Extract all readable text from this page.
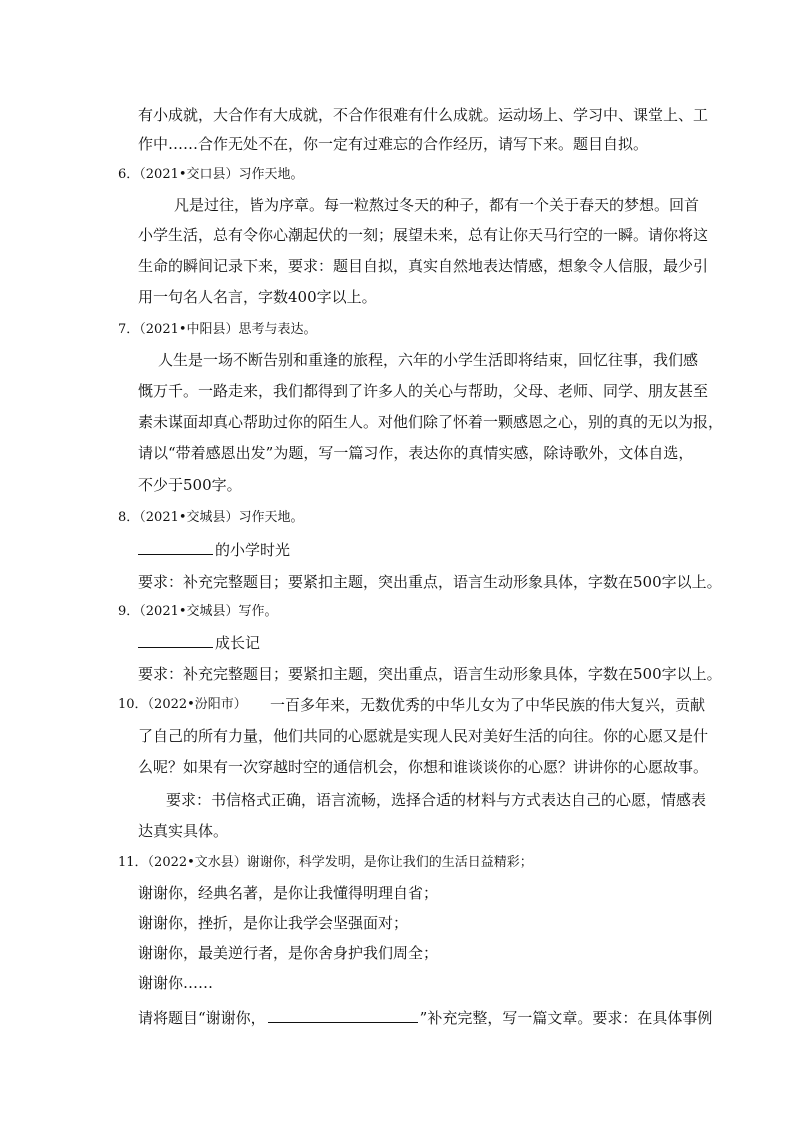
有小成就，大合作有大成就，不合作很难有什么成就。运动场上、学习中、课堂上、工
作中……合作无处不在，你一定有过难忘的合作经历，请写下来。题目自拟。
6．（2021•交口县）习作天地。
凡是过往，皆为序章。每一粒熬过冬天的种子，都有一个关于春天的梦想。回首
小学生活，总有令你心潮起伏的一刻；展望未来，总有让你天马行空的一瞬。请你将这
生命的瞬间记录下来，要求：题目自拟，真实自然地表达情感，想象令人信服，最少引
用一句名人名言，字数400字以上。
7．（2021•中阳县）思考与表达。
人生是一场不断告别和重逢的旅程，六年的小学生活即将结束，回忆往事，我们感
慨万千。一路走来，我们都得到了许多人的关心与帮助，父母、老师、同学、朋友甚至
素未谋面却真心帮助过你的陌生人。对他们除了怀着一颗感恩之心，别的真的无以为报，
请以“带着感恩出发”为题，写一篇习作，表达你的真情实感，除诗歌外，文体自选，
不少于500字。
8．（2021•交城县）习作天地。
的小学时光
要求：补充完整题目；要紧扣主题，突出重点，语言生动形象具体，字数在500字以上。
9．（2021•交城县）写作。
成长记
要求：补充完整题目；要紧扣主题，突出重点，语言生动形象具体，字数在500字以上。
10．（2022•汾阳市） 一百多年来，无数优秀的中华儿女为了中华民族的伟大复兴，贡献
了自己的所有力量，他们共同的心愿就是实现人民对美好生活的向往。你的心愿又是什
么呢？如果有一次穿越时空的通信机会，你想和谁谈谈你的心愿？讲讲你的心愿故事。
要求：书信格式正确，语言流畅，选择合适的材料与方式表达自己的心愿，情感表
达真实具体。
11．（2022•文水县）谢谢你，科学发明，是你让我们的生活日益精彩；
谢谢你，经典名著，是你让我懂得明理自省；
谢谢你，挫折，是你让我学会坚强面对；
谢谢你，最美逆行者，是你舍身护我们周全；
谢谢你……
请将题目“谢谢你，	”补充完整，写一篇文章。要求：在具体事例
